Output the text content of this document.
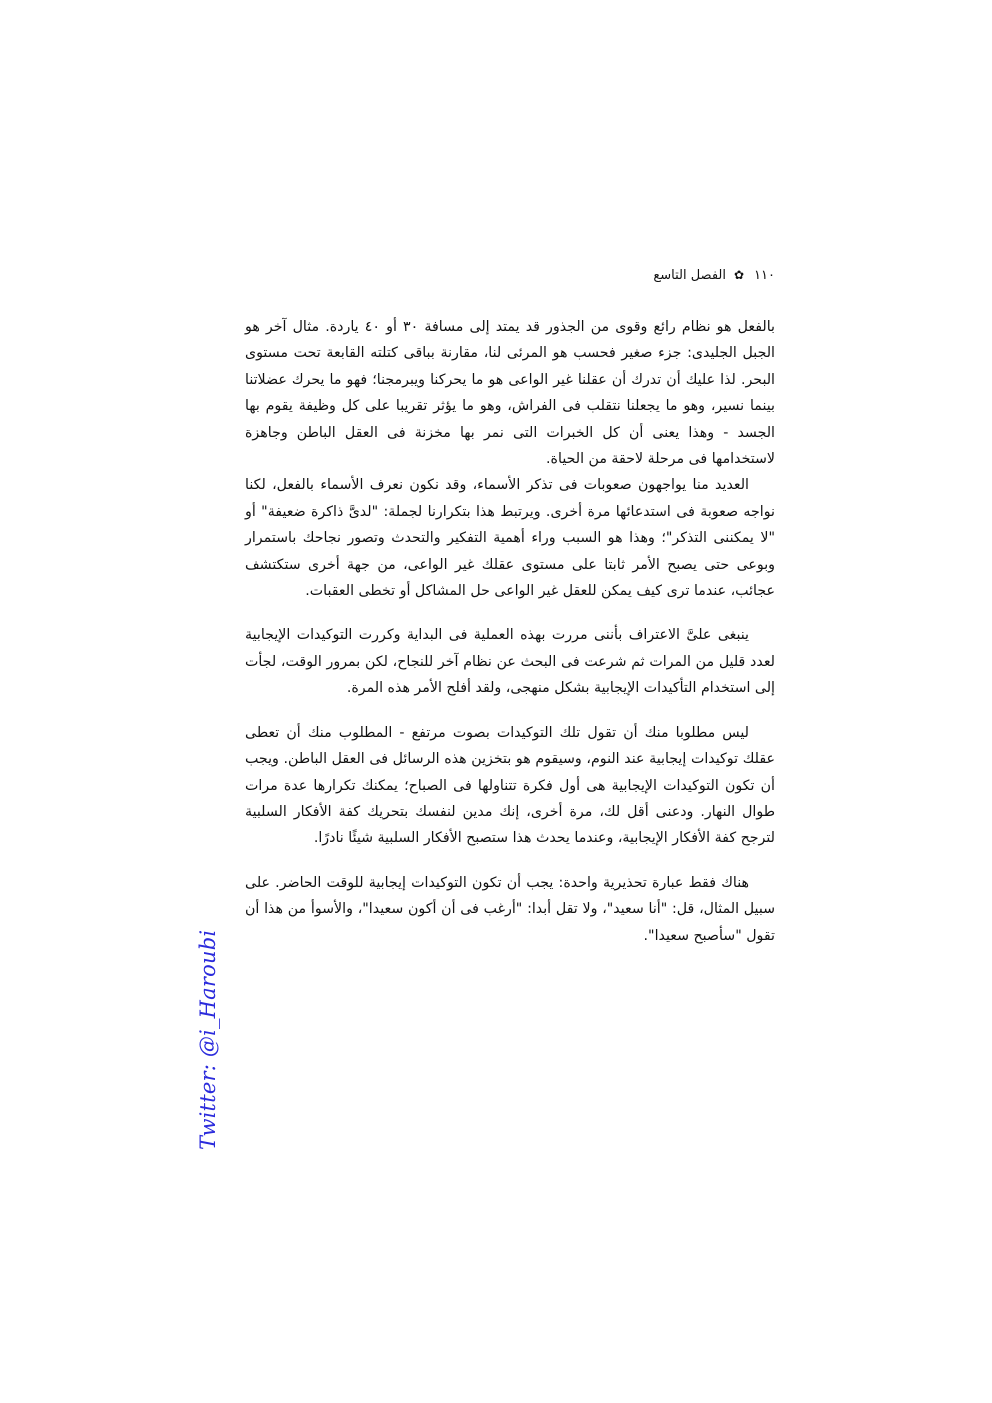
١١٠✿الفصل التاسع

بالفعل هو نظام رائع وقوى من الجذور قد يمتد إلى مسافة ٣٠ أو ٤٠ ياردة. مثال آخر هو الجبل الجليدى: جزء صغير فحسب هو المرئى لنا، مقارنة بباقى كتلته القابعة تحت مستوى البحر. لذا عليك أن تدرك أن عقلنا غير الواعى هو ما يحركنا ويبرمجنا؛ فهو ما يحرك عضلاتنا بينما نسير، وهو ما يجعلنا نتقلب فى الفراش، وهو ما يؤثر تقريبا على كل وظيفة يقوم بها الجسد - وهذا يعنى أن كل الخبرات التى نمر بها مخزنة فى العقل الباطن وجاهزة لاستخدامها فى مرحلة لاحقة من الحياة.

العديد منا يواجهون صعوبات فى تذكر الأسماء، وقد نكون نعرف الأسماء بالفعل، لكنا نواجه صعوبة فى استدعائها مرة أخرى. ويرتبط هذا بتكرارنا لجملة: "لدىَّ ذاكرة ضعيفة" أو "لا يمكننى التذكر"؛ وهذا هو السبب وراء أهمية التفكير والتحدث وتصور نجاحك باستمرار وبوعى حتى يصبح الأمر ثابتا على مستوى عقلك غير الواعى، من جهة أخرى ستكتشف عجائب، عندما ترى كيف يمكن للعقل غير الواعى حل المشاكل أو تخطى العقبات.

ينبغى علىَّ الاعتراف بأننى مررت بهذه العملية فى البداية وكررت التوكيدات الإيجابية لعدد قليل من المرات ثم شرعت فى البحث عن نظام آخر للنجاح، لكن بمرور الوقت، لجأت إلى استخدام التأكيدات الإيجابية بشكل منهجى، ولقد أفلح الأمر هذه المرة.

ليس مطلوبا منك أن تقول تلك التوكيدات بصوت مرتفع - المطلوب منك أن تعطى عقلك توكيدات إيجابية عند النوم، وسيقوم هو بتخزين هذه الرسائل فى العقل الباطن. ويجب أن تكون التوكيدات الإيجابية هى أول فكرة تتناولها فى الصباح؛ يمكنك تكرارها عدة مرات طوال النهار. ودعنى أقل لك، مرة أخرى، إنك مدين لنفسك بتحريك كفة الأفكار السلبية لترجح كفة الأفكار الإيجابية، وعندما يحدث هذا ستصبح الأفكار السلبية شيئًا نادرًا.

هناك فقط عبارة تحذيرية واحدة: يجب أن تكون التوكيدات إيجابية للوقت الحاضر. على سبيل المثال، قل: "أنا سعيد"، ولا تقل أبدا: "أرغب فى أن أكون سعيدا"، والأسوأ من هذا أن تقول "سأصبح سعيدا".

Twitter: @i_Haroubi
